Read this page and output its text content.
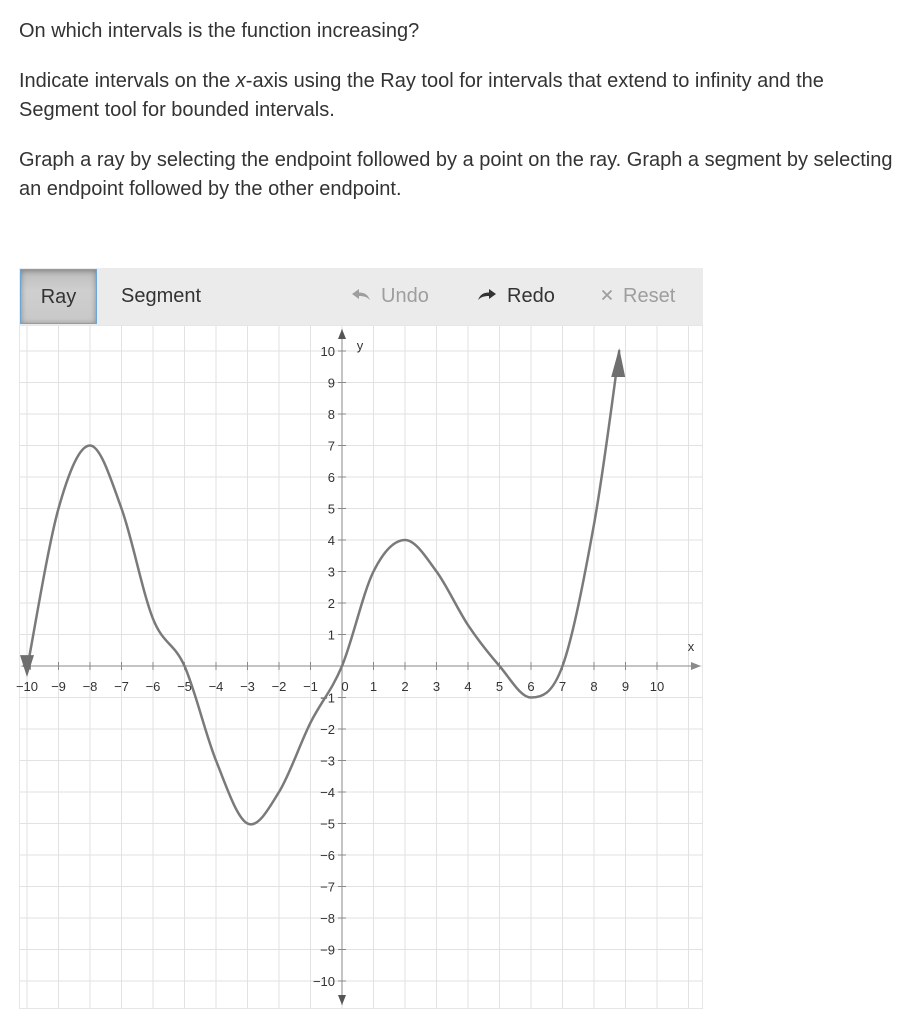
On which intervals is the function increasing?

Indicate intervals on the x-axis using the Ray tool for intervals that extend to infinity and the Segment tool for bounded intervals.

Graph a ray by selecting the endpoint followed by a point on the ray. Graph a segment by selecting an endpoint followed by the other endpoint.

Ray	Segment	Undo	Redo	Reset
−10 −9 −8 −7 −6 −5 −4 −3 −2 −1	1 2 3 4 5 6 7 8 9 10
−10
−9
−8
−7
−6
−5
−4
−3
−2
−1
1
2
3
4
5
6
7
8
9
10
0
x
y
